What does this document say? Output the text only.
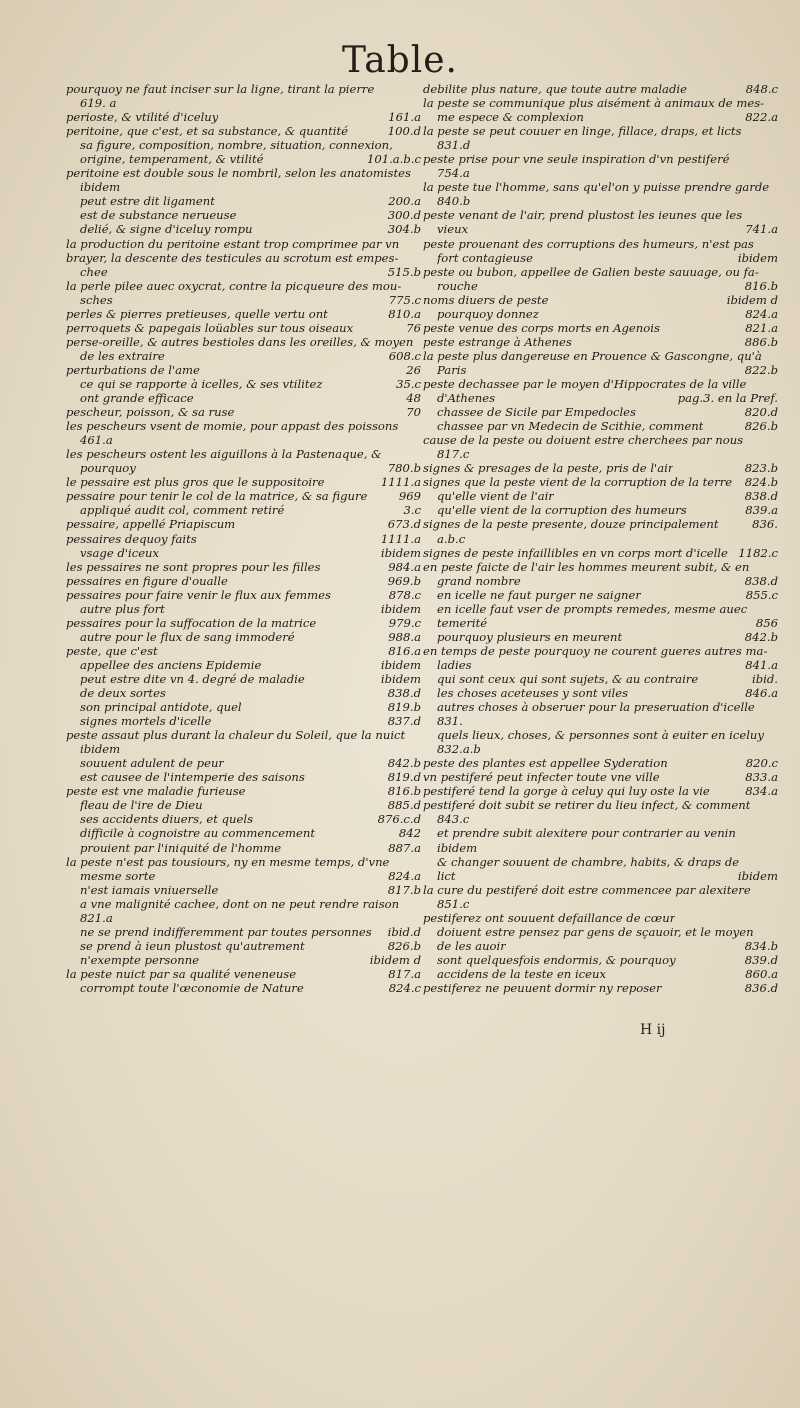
Table.
pourquoy ne faut inciser sur la ligne, tirant la pierre
619. a
perioste, & vtilité d'iceluy	161.a
peritoine, que c'est, et sa substance, & quantité	100.d
sa figure, composition, nombre, situation, connexion,
origine, temperament, & vtilité	101.a.b.c
peritoine est double sous le nombril, selon les anatomistes
ibidem
peut estre dit ligament	200.a
est de substance nerueuse	300.d
delié, & signe d'iceluy rompu	304.b
la production du peritoine estant trop comprimee par vn
brayer, la descente des testicules au scrotum est empes-
chee	515.b
la perle pilee auec oxycrat, contre la picqueure des mou-
sches	775.c
perles & pierres pretieuses, quelle vertu ont	810.a
perroquets & papegais loüables sur tous oiseaux	76
perse-oreille, & autres bestioles dans les oreilles, & moyen
de les extraire	608.c
perturbations de l'ame	26
ce qui se rapporte à icelles, & ses vtilitez	35.c
ont grande efficace	48
pescheur, poisson, & sa ruse	70
les pescheurs vsent de momie, pour appast des poissons
461.a
les pescheurs ostent les aiguillons à la Pastenaque, &
pourquoy	780.b
le pessaire est plus gros que le suppositoire	1111.a
pessaire pour tenir le col de la matrice, & sa figure	969
appliqué audit col, comment retiré	3.c
pessaire, appellé Priapiscum	673.d
pessaires dequoy faits	1111.a
vsage d'iceux	ibidem
les pessaires ne sont propres pour les filles	984.a
pessaires en figure d'oualle	969.b
pessaires pour faire venir le flux aux femmes	878.c
autre plus fort	ibidem
pessaires pour la suffocation de la matrice	979.c
autre pour le flux de sang immoderé	988.a
peste, que c'est	816.a
appellee des anciens Epidemie	ibidem
peut estre dite vn 4. degré de maladie	ibidem
de deux sortes	838.d
son principal antidote, quel	819.b
signes mortels d'icelle	837.d
peste assaut plus durant la chaleur du Soleil, que la nuict
ibidem
souuent adulent de peur	842.b
est causee de l'intemperie des saisons	819.d
peste est vne maladie furieuse	816.b
fleau de l'ire de Dieu	885.d
ses accidents diuers, et quels	876.c.d
difficile à cognoistre au commencement	842
prouient par l'iniquité de l'homme	887.a
la peste n'est pas tousiours, ny en mesme temps, d'vne
mesme sorte	824.a
n'est iamais vniuerselle	817.b
a vne malignité cachee, dont on ne peut rendre raison
821.a
ne se prend indifferemment par toutes personnes	ibid.d
se prend à ieun plustost qu'autrement	826.b
n'exempte personne	ibidem d
la peste nuict par sa qualité veneneuse	817.a
corrompt toute l'œconomie de Nature	824.c
debilite plus nature, que toute autre maladie	848.c
la peste se communique plus aisément à animaux de mes-
me espece & complexion	822.a
la peste se peut couuer en linge, fillace, draps, et licts
831.d
peste prise pour vne seule inspiration d'vn pestiferé
754.a
la peste tue l'homme, sans qu'el'on y puisse prendre garde
840.b
peste venant de l'air, prend plustost les ieunes que les
vieux	741.a
peste prouenant des corruptions des humeurs, n'est pas
fort contagieuse	ibidem
peste ou bubon, appellee de Galien beste sauuage, ou fa-
rouche	816.b
noms diuers de peste	ibidem d
pourquoy donnez	824.a
peste venue des corps morts en Agenois	821.a
peste estrange à Athenes	886.b
la peste plus dangereuse en Prouence & Gascongne, qu'à
Paris	822.b
peste dechassee par le moyen d'Hippocrates de la ville
d'Athenes	pag.3. en la Pref.
chassee de Sicile par Empedocles	820.d
chassee par vn Medecin de Scithie, comment	826.b
cause de la peste ou doiuent estre cherchees par nous
817.c
signes & presages de la peste, pris de l'air	823.b
signes que la peste vient de la corruption de la terre	824.b
qu'elle vient de l'air	838.d
qu'elle vient de la corruption des humeurs	839.a
signes de la peste presente, douze principalement	836.
a.b.c
signes de peste infaillibles en vn corps mort d'icelle 1182.c
en peste faicte de l'air les hommes meurent subit, & en
grand nombre	838.d
en icelle ne faut purger ne saigner	855.c
en icelle faut vser de prompts remedes, mesme auec
temerité	856
pourquoy plusieurs en meurent	842.b
en temps de peste pourquoy ne courent gueres autres ma-
ladies	841.a
qui sont ceux qui sont sujets, & au contraire	ibid.
les choses aceteuses y sont viles	846.a
autres choses à obseruer pour la preseruation d'icelle
831.
quels lieux, choses, & personnes sont à euiter en iceluy
832.a.b
peste des plantes est appellee Syderation	820.c
vn pestiferé peut infecter toute vne ville	833.a
pestiferé tend la gorge à celuy qui luy oste la vie	834.a
pestiferé doit subit se retirer du lieu infect, & comment
843.c
et prendre subit alexitere pour contrarier au venin
ibidem
& changer souuent de chambre, habits, & draps de
lict	ibidem
la cure du pestiferé doit estre commencee par alexitere
851.c
pestiferez ont souuent defaillance de cœur
doiuent estre pensez par gens de sçauoir, et le moyen
de les auoir	834.b
sont quelquesfois endormis, & pourquoy	839.d
accidens de la teste en iceux	860.a
pestiferez ne peuuent dormir ny reposer	836.d
H ij
